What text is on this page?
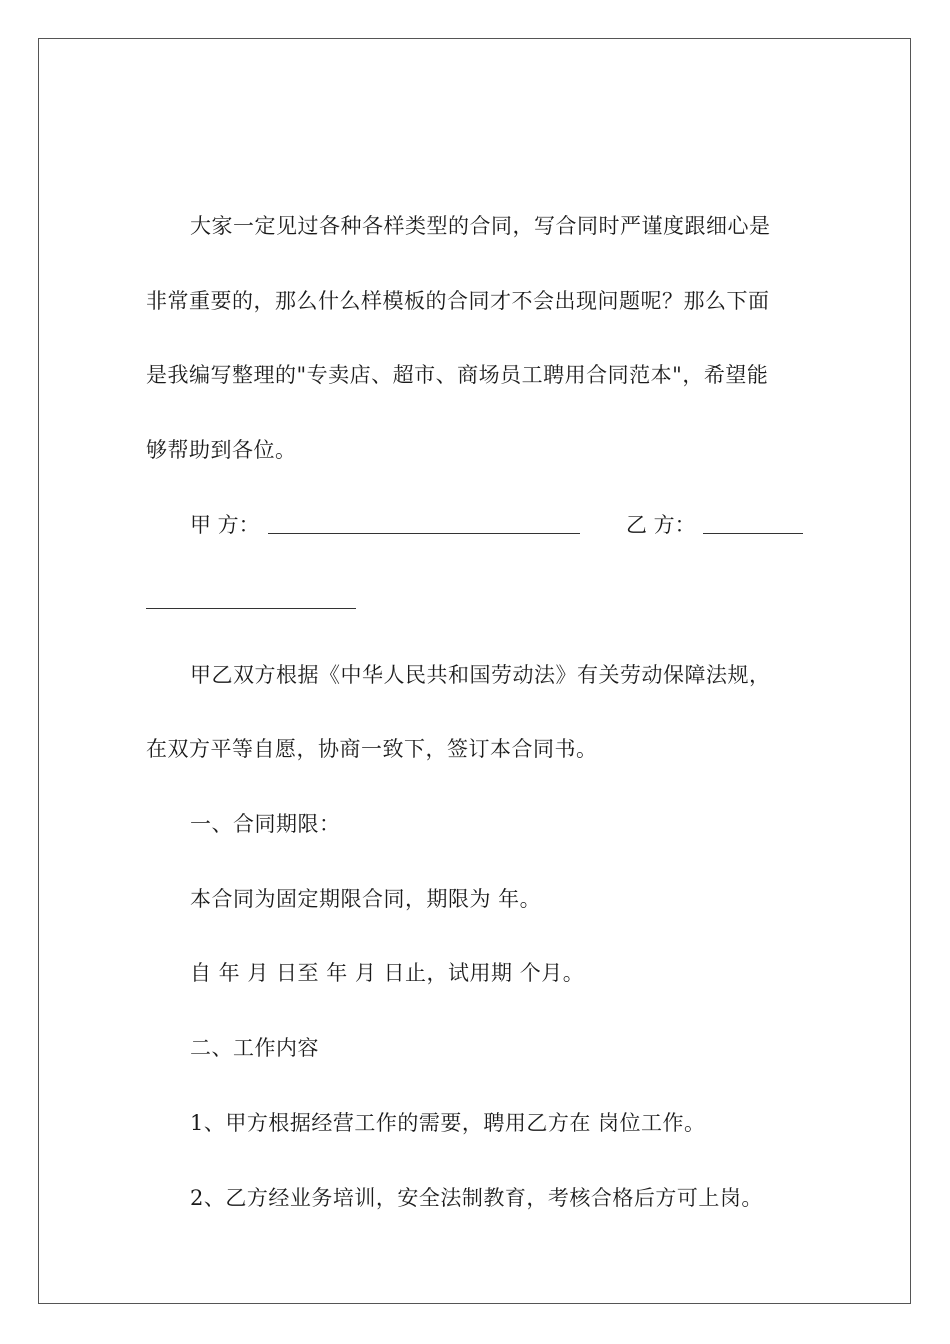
大家一定见过各种各样类型的合同，写合同时严谨度跟细心是
非常重要的，那么什么样模板的合同才不会出现问题呢？那么下面
是我编写整理的"专卖店、超市、商场员工聘用合同范本"，希望能
够帮助到各位。
甲 方：	乙 方：
甲乙双方根据《中华人民共和国劳动法》有关劳动保障法规，
在双方平等自愿，协商一致下，签订本合同书。
一、合同期限：
本合同为固定期限合同，期限为 年。
自 年 月 日至 年 月 日止，试用期 个月。
二、工作内容
1、甲方根据经营工作的需要，聘用乙方在 岗位工作。
2、乙方经业务培训，安全法制教育，考核合格后方可上岗。
